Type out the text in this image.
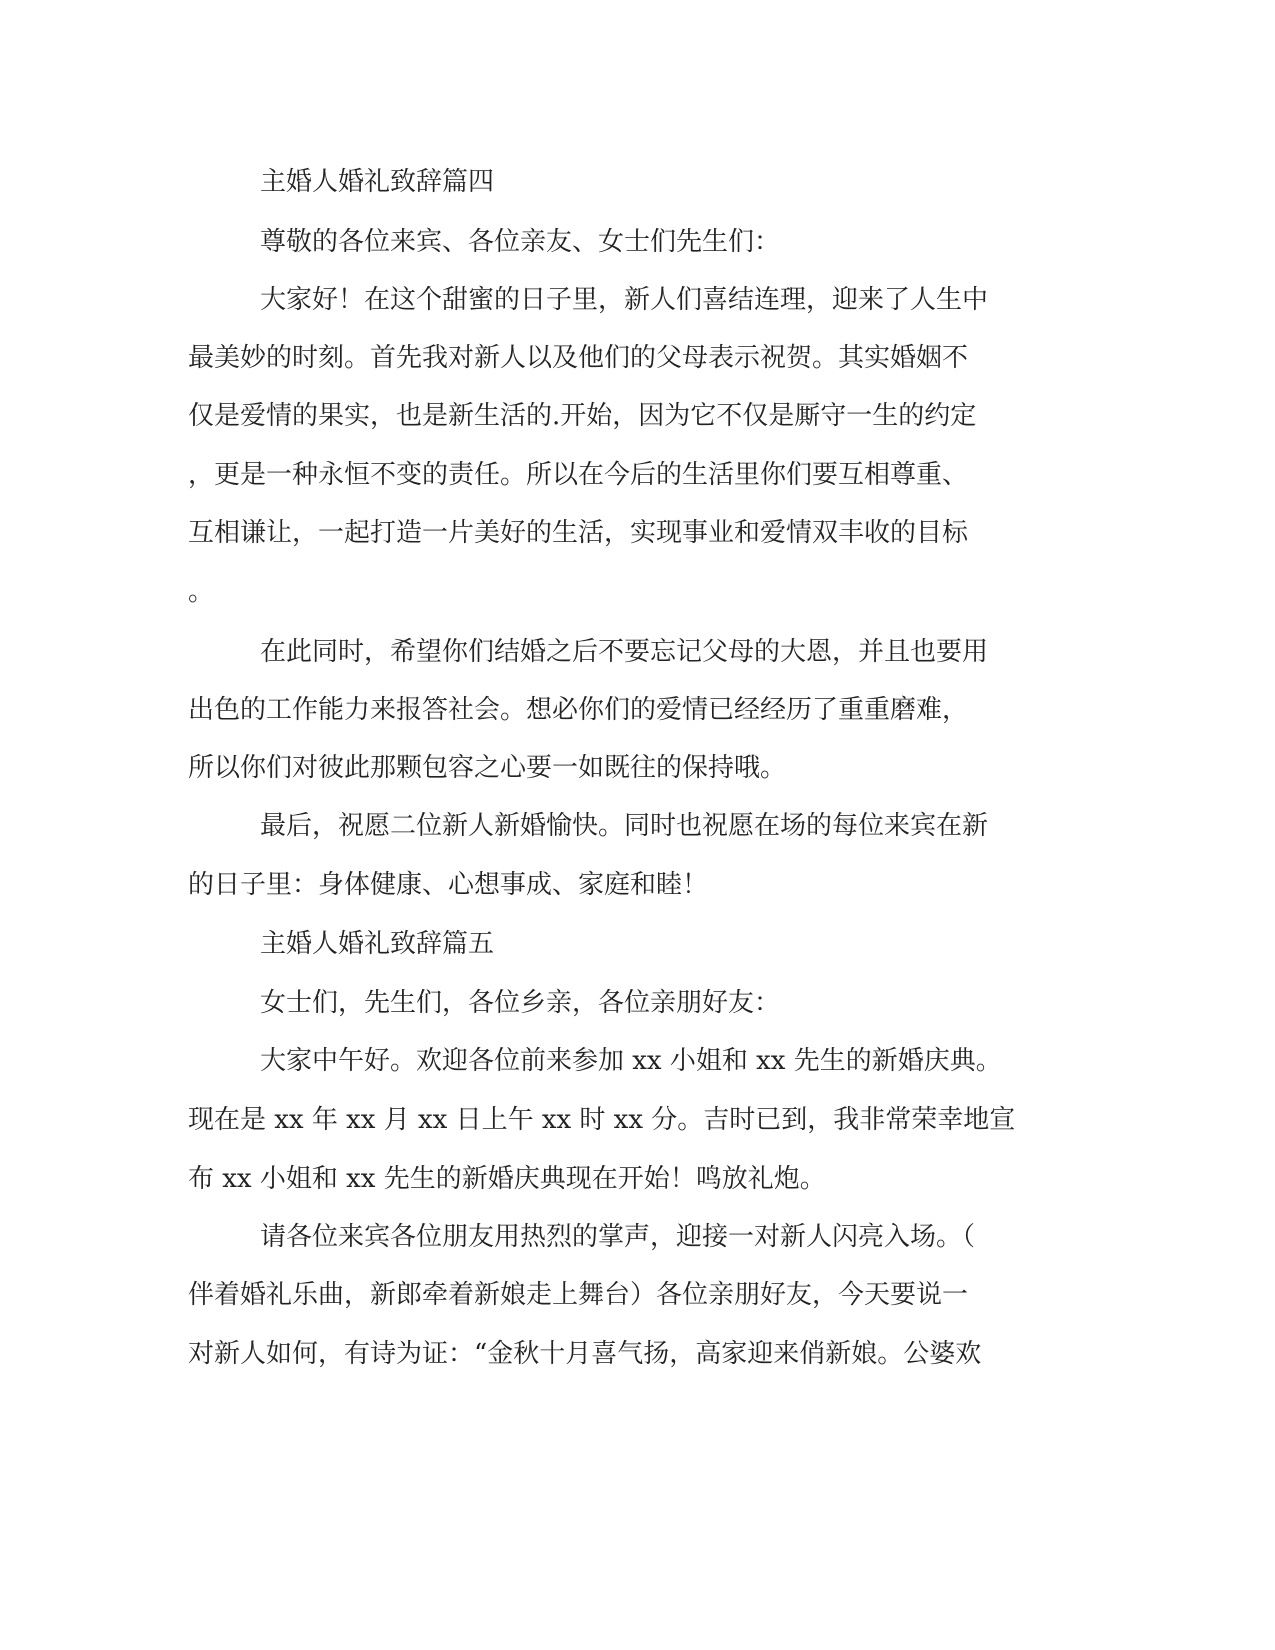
主婚人婚礼致辞篇四

尊敬的各位来宾、各位亲友、女士们先生们：

大家好！在这个甜蜜的日子里，新人们喜结连理，迎来了人生中

最美妙的时刻。首先我对新人以及他们的父母表示祝贺。其实婚姻不

仅是爱情的果实，也是新生活的.开始，因为它不仅是厮守一生的约定

，更是一种永恒不变的责任。所以在今后的生活里你们要互相尊重、

互相谦让，一起打造一片美好的生活，实现事业和爱情双丰收的目标

。

在此同时，希望你们结婚之后不要忘记父母的大恩，并且也要用

出色的工作能力来报答社会。想必你们的爱情已经经历了重重磨难，

所以你们对彼此那颗包容之心要一如既往的保持哦。

最后，祝愿二位新人新婚愉快。同时也祝愿在场的每位来宾在新

的日子里：身体健康、心想事成、家庭和睦！

主婚人婚礼致辞篇五

女士们，先生们，各位乡亲，各位亲朋好友：

大家中午好。欢迎各位前来参加 xx 小姐和 xx 先生的新婚庆典。

现在是 xx 年 xx 月 xx 日上午 xx 时 xx 分。吉时已到，我非常荣幸地宣

布 xx 小姐和 xx 先生的新婚庆典现在开始！鸣放礼炮。

请各位来宾各位朋友用热烈的掌声，迎接一对新人闪亮入场。（

伴着婚礼乐曲，新郎牵着新娘走上舞台）各位亲朋好友，今天要说一

对新人如何，有诗为证：“金秋十月喜气扬，高家迎来俏新娘。公婆欢
